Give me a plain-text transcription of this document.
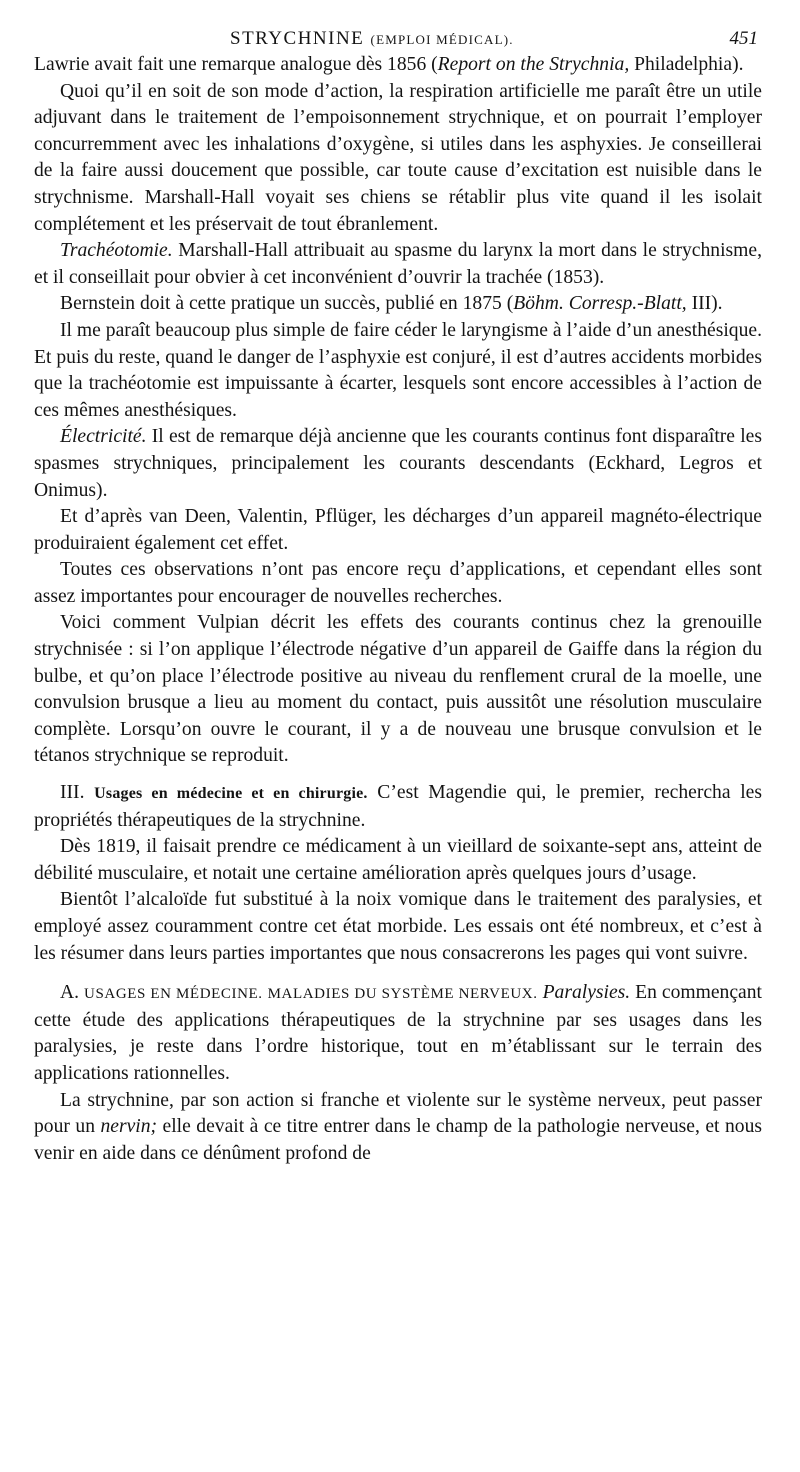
STRYCHNINE (EMPLOI MÉDICAL).	451

Lawrie avait fait une remarque analogue dès 1856 (Report on the Strychnia, Philadelphia).

Quoi qu’il en soit de son mode d’action, la respiration artificielle me paraît être un utile adjuvant dans le traitement de l’empoisonnement strychnique, et on pourrait l’employer concurremment avec les inhalations d’oxygène, si utiles dans les asphyxies. Je conseillerai de la faire aussi doucement que possible, car toute cause d’excitation est nuisible dans le strychnisme. Marshall-Hall voyait ses chiens se rétablir plus vite quand il les isolait complétement et les préservait de tout ébranlement.

Trachéotomie. Marshall-Hall attribuait au spasme du larynx la mort dans le strychnisme, et il conseillait pour obvier à cet inconvénient d’ouvrir la trachée (1853).

Bernstein doit à cette pratique un succès, publié en 1875 (Böhm. Corresp.-Blatt, III).

Il me paraît beaucoup plus simple de faire céder le laryngisme à l’aide d’un anesthésique. Et puis du reste, quand le danger de l’asphyxie est conjuré, il est d’autres accidents morbides que la trachéotomie est impuissante à écarter, lesquels sont encore accessibles à l’action de ces mêmes anesthésiques.

Électricité. Il est de remarque déjà ancienne que les courants continus font disparaître les spasmes strychniques, principalement les courants descendants (Eckhard, Legros et Onimus).

Et d’après van Deen, Valentin, Pflüger, les décharges d’un appareil magnéto-électrique produiraient également cet effet.

Toutes ces observations n’ont pas encore reçu d’applications, et cependant elles sont assez importantes pour encourager de nouvelles recherches.

Voici comment Vulpian décrit les effets des courants continus chez la grenouille strychnisée : si l’on applique l’électrode négative d’un appareil de Gaiffe dans la région du bulbe, et qu’on place l’électrode positive au niveau du renflement crural de la moelle, une convulsion brusque a lieu au moment du contact, puis aussitôt une résolution musculaire complète. Lorsqu’on ouvre le courant, il y a de nouveau une brusque convulsion et le tétanos strychnique se reproduit.

III. Usages en médecine et en chirurgie. C’est Magendie qui, le premier, rechercha les propriétés thérapeutiques de la strychnine.

Dès 1819, il faisait prendre ce médicament à un vieillard de soixante-sept ans, atteint de débilité musculaire, et notait une certaine amélioration après quelques jours d’usage.

Bientôt l’alcaloïde fut substitué à la noix vomique dans le traitement des paralysies, et employé assez couramment contre cet état morbide. Les essais ont été nombreux, et c’est à les résumer dans leurs parties importantes que nous consacrerons les pages qui vont suivre.

A. USAGES EN MÉDECINE. MALADIES DU SYSTÈME NERVEUX. Paralysies. En commençant cette étude des applications thérapeutiques de la strychnine par ses usages dans les paralysies, je reste dans l’ordre historique, tout en m’établissant sur le terrain des applications rationnelles.

La strychnine, par son action si franche et violente sur le système nerveux, peut passer pour un nervin; elle devait à ce titre entrer dans le champ de la pathologie nerveuse, et nous venir en aide dans ce dénûment profond de
